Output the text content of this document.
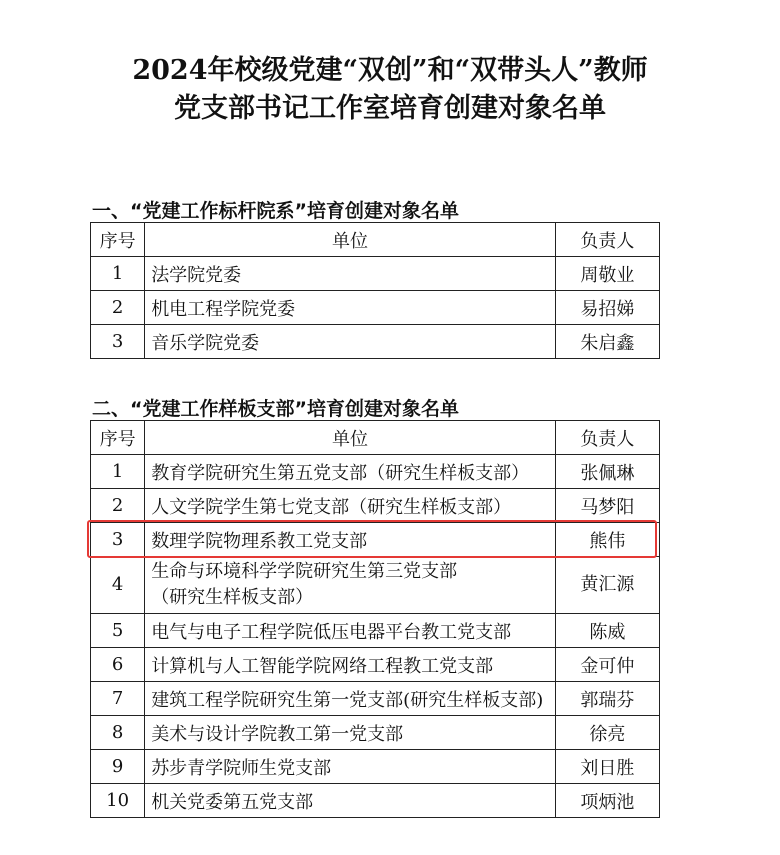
2024年校级党建“双创”和“双带头人”教师
党支部书记工作室培育创建对象名单
一、“党建工作标杆院系”培育创建对象名单
序号	单位	负责人
1	法学院党委	周敬业
2	机电工程学院党委	易招娣
3	音乐学院党委	朱启鑫
二、“党建工作样板支部”培育创建对象名单
序号	单位	负责人
1	教育学院研究生第五党支部（研究生样板支部）	张佩琳
2	人文学院学生第七党支部（研究生样板支部）	马梦阳
3	数理学院物理系教工党支部	熊伟
4	生命与环境科学学院研究生第三党支部
（研究生样板支部）	黄汇源
5	电气与电子工程学院低压电器平台教工党支部	陈威
6	计算机与人工智能学院网络工程教工党支部	金可仲
7	建筑工程学院研究生第一党支部(研究生样板支部)	郭瑞芬
8	美术与设计学院教工第一党支部	徐亮
9	苏步青学院师生党支部	刘日胜
10	机关党委第五党支部	项炳池
